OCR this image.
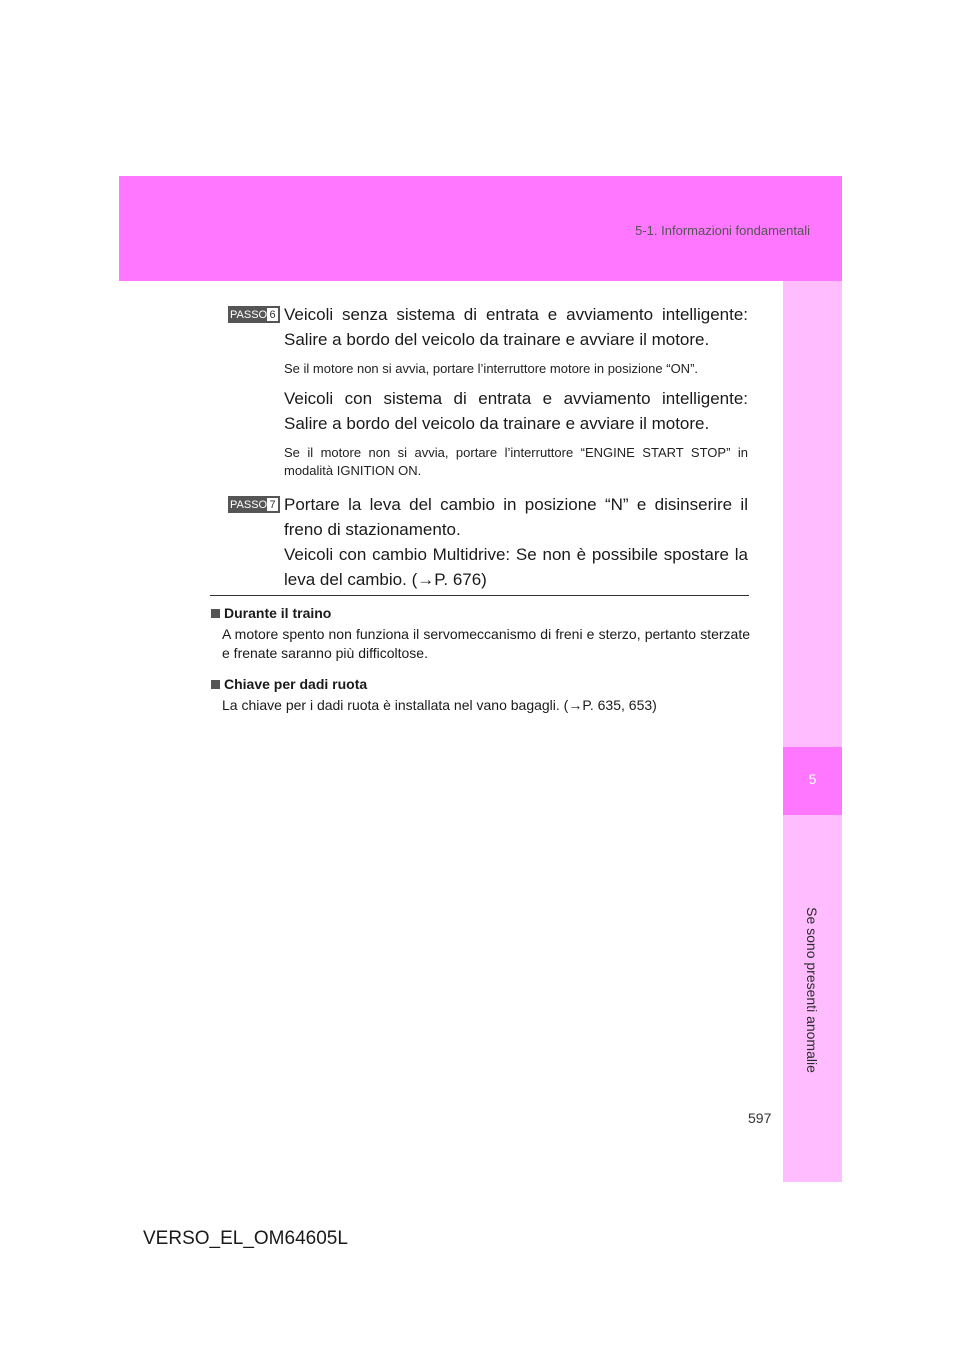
5-1. Informazioni fondamentali
5
Se sono presenti anomalie
PASSO 6 Veicoli senza sistema di entrata e avviamento intelligente: Salire a bordo del veicolo da trainare e avviare il motore.

Se il motore non si avvia, portare l’interruttore motore in posizione “ON”.

Veicoli con sistema di entrata e avviamento intelligente: Salire a bordo del veicolo da trainare e avviare il motore.

Se il motore non si avvia, portare l’interruttore “ENGINE START STOP” in modalità IGNITION ON.

PASSO 7 Portare la leva del cambio in posizione “N” e disinserire il freno di stazionamento.

Veicoli con cambio Multidrive: Se non è possibile spostare la leva del cambio. (→P. 676)

Durante il traino

A motore spento non funziona il servomeccanismo di freni e sterzo, pertanto sterzate e frenate saranno più difficoltose.

Chiave per dadi ruota

La chiave per i dadi ruota è installata nel vano bagagli. (→P. 635, 653)

597
VERSO_EL_OM64605L
